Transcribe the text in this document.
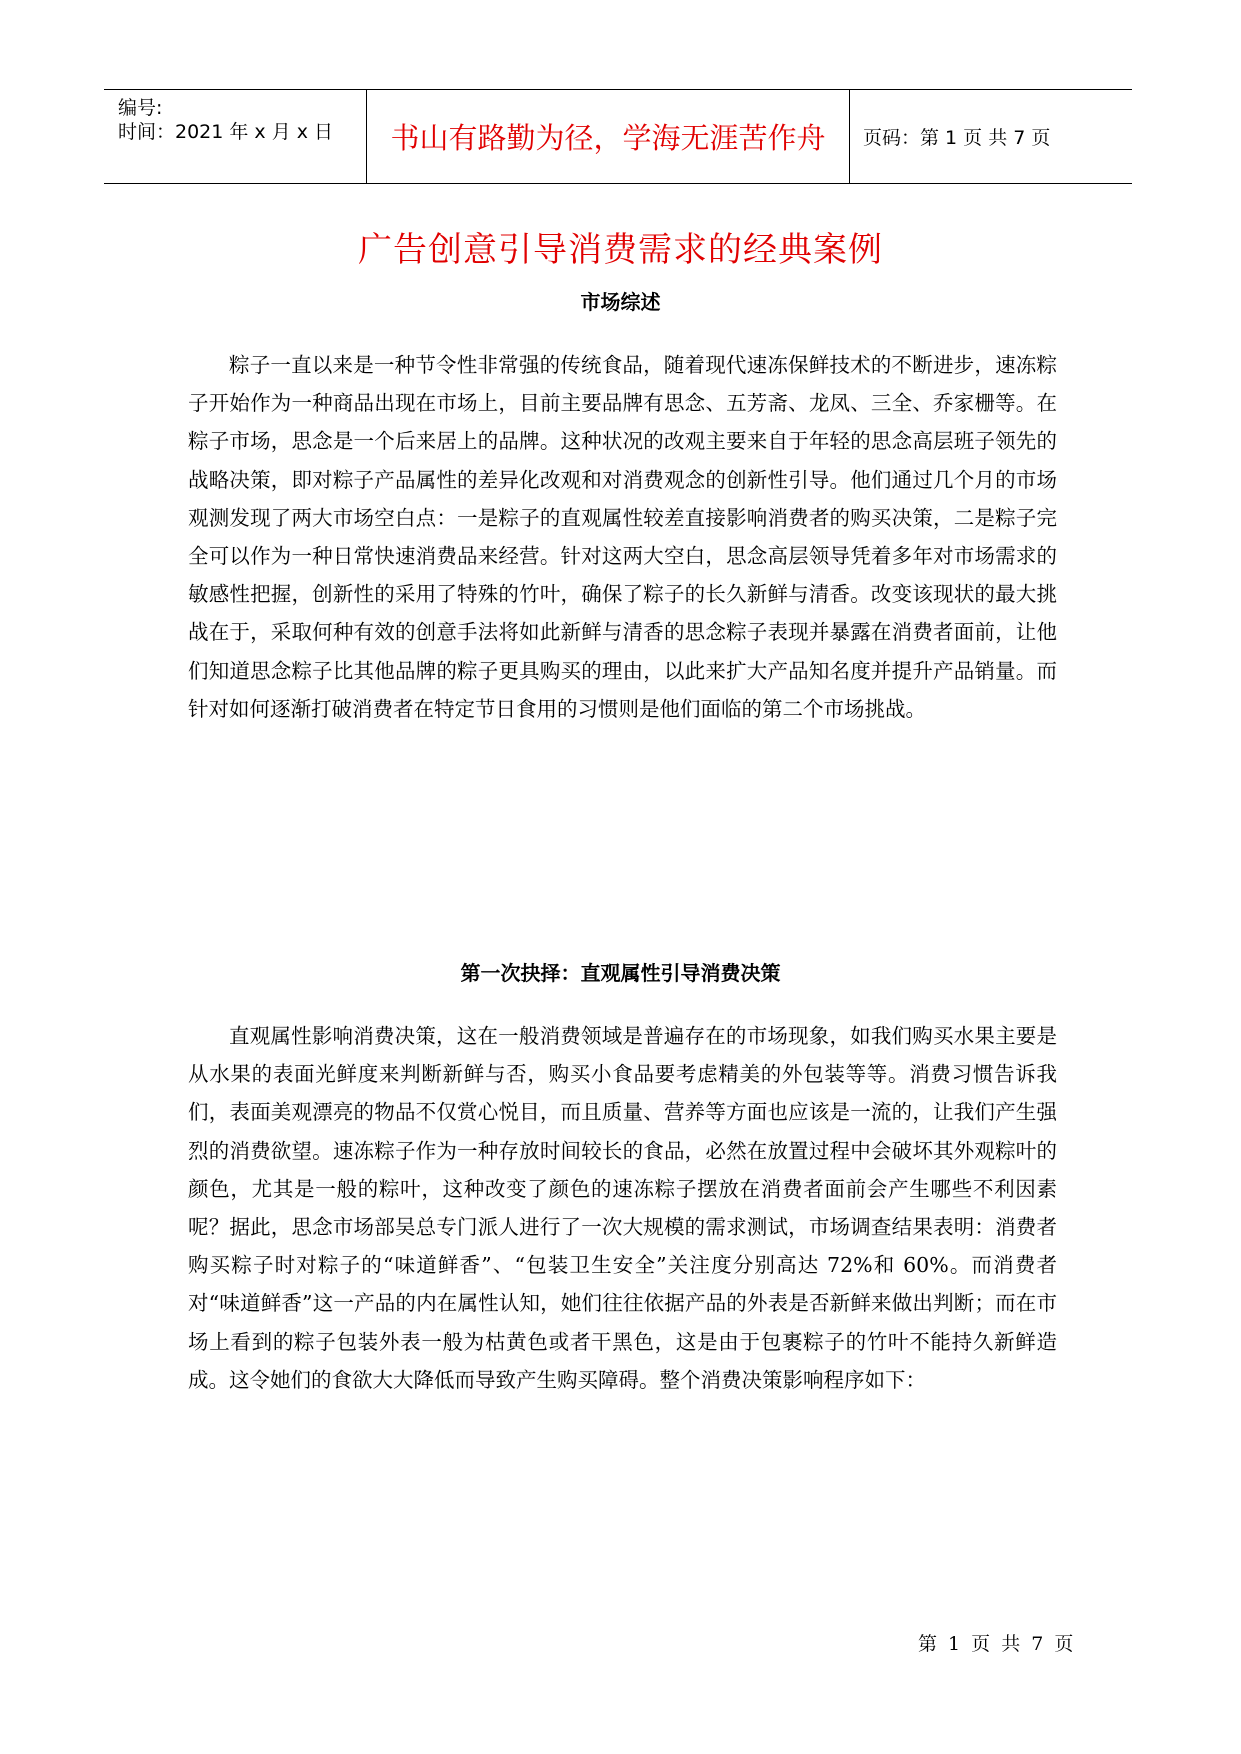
编号:
时间：2021 年 x 月 x 日	书山有路勤为径，学海无涯苦作舟	页码：第 1 页 共 7 页
广告创意引导消费需求的经典案例
市场综述

粽子一直以来是一种节令性非常强的传统食品，随着现代速冻保鲜技术的不断进步，速冻粽子开始作为一种商品出现在市场上，目前主要品牌有思念、五芳斋、龙凤、三全、乔家栅等。在粽子市场，思念是一个后来居上的品牌。这种状况的改观主要来自于年轻的思念高层班子领先的战略决策，即对粽子产品属性的差异化改观和对消费观念的创新性引导。他们通过几个月的市场观测发现了两大市场空白点：一是粽子的直观属性较差直接影响消费者的购买决策，二是粽子完全可以作为一种日常快速消费品来经营。针对这两大空白，思念高层领导凭着多年对市场需求的敏感性把握，创新性的采用了特殊的竹叶，确保了粽子的长久新鲜与清香。改变该现状的最大挑战在于，采取何种有效的创意手法将如此新鲜与清香的思念粽子表现并暴露在消费者面前，让他们知道思念粽子比其他品牌的粽子更具购买的理由，以此来扩大产品知名度并提升产品销量。而针对如何逐渐打破消费者在特定节日食用的习惯则是他们面临的第二个市场挑战。

第一次抉择：直观属性引导消费决策

直观属性影响消费决策，这在一般消费领域是普遍存在的市场现象，如我们购买水果主要是从水果的表面光鲜度来判断新鲜与否，购买小食品要考虑精美的外包装等等。消费习惯告诉我们，表面美观漂亮的物品不仅赏心悦目，而且质量、营养等方面也应该是一流的，让我们产生强烈的消费欲望。速冻粽子作为一种存放时间较长的食品，必然在放置过程中会破坏其外观粽叶的颜色，尤其是一般的粽叶，这种改变了颜色的速冻粽子摆放在消费者面前会产生哪些不利因素呢？据此，思念市场部吴总专门派人进行了一次大规模的需求测试，市场调查结果表明：消费者购买粽子时对粽子的“味道鲜香”、“包装卫生安全”关注度分别高达 72%和 60%。而消费者对“味道鲜香”这一产品的内在属性认知，她们往往依据产品的外表是否新鲜来做出判断；而在市场上看到的粽子包装外表一般为枯黄色或者干黑色，这是由于包裹粽子的竹叶不能持久新鲜造成。这令她们的食欲大大降低而导致产生购买障碍。整个消费决策影响程序如下：

第 1 页 共 7 页
